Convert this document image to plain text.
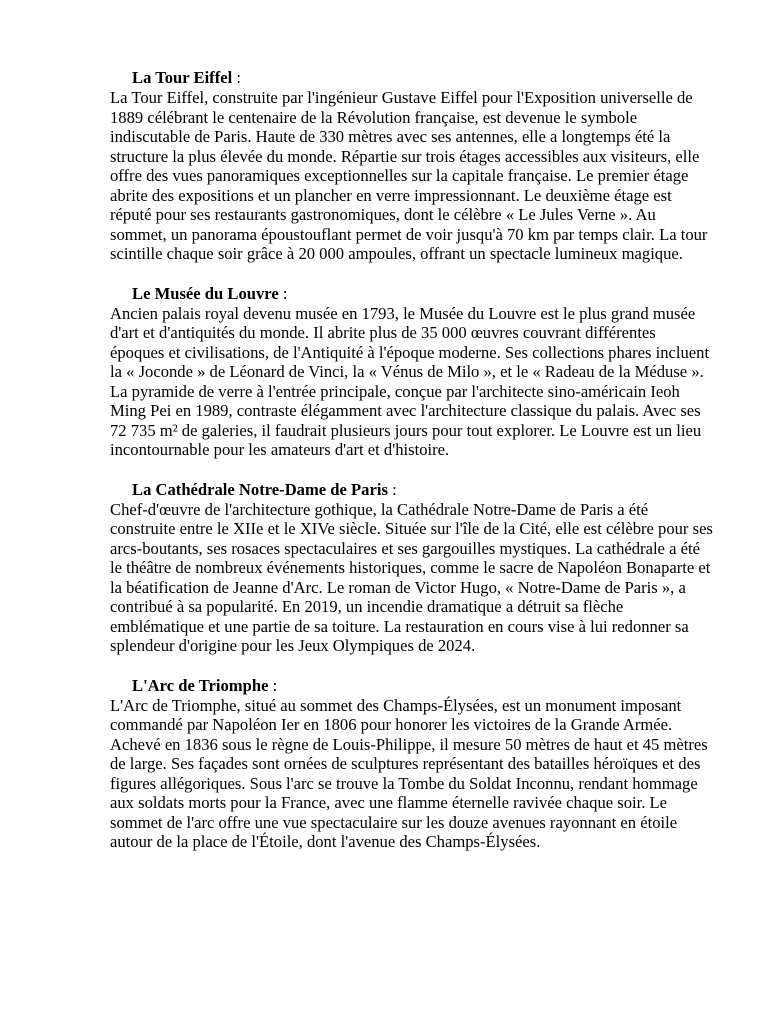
La Tour Eiffel :

La Tour Eiffel, construite par l'ingénieur Gustave Eiffel pour l'Exposition universelle de 1889 célébrant le centenaire de la Révolution française, est devenue le symbole indiscutable de Paris. Haute de 330 mètres avec ses antennes, elle a longtemps été la structure la plus élevée du monde. Répartie sur trois étages accessibles aux visiteurs, elle offre des vues panoramiques exceptionnelles sur la capitale française. Le premier étage abrite des expositions et un plancher en verre impressionnant. Le deuxième étage est réputé pour ses restaurants gastronomiques, dont le célèbre « Le Jules Verne ». Au sommet, un panorama époustouflant permet de voir jusqu'à 70 km par temps clair. La tour scintille chaque soir grâce à 20 000 ampoules, offrant un spectacle lumineux magique.

Le Musée du Louvre :

Ancien palais royal devenu musée en 1793, le Musée du Louvre est le plus grand musée d'art et d'antiquités du monde. Il abrite plus de 35 000 œuvres couvrant différentes époques et civilisations, de l'Antiquité à l'époque moderne. Ses collections phares incluent la « Joconde » de Léonard de Vinci, la « Vénus de Milo », et le « Radeau de la Méduse ». La pyramide de verre à l'entrée principale, conçue par l'architecte sino-américain Ieoh Ming Pei en 1989, contraste élégamment avec l'architecture classique du palais. Avec ses 72 735 m² de galeries, il faudrait plusieurs jours pour tout explorer. Le Louvre est un lieu incontournable pour les amateurs d'art et d'histoire.

La Cathédrale Notre-Dame de Paris :

Chef-d'œuvre de l'architecture gothique, la Cathédrale Notre-Dame de Paris a été construite entre le XIIe et le XIVe siècle. Située sur l'île de la Cité, elle est célèbre pour ses arcs-boutants, ses rosaces spectaculaires et ses gargouilles mystiques. La cathédrale a été le théâtre de nombreux événements historiques, comme le sacre de Napoléon Bonaparte et la béatification de Jeanne d'Arc. Le roman de Victor Hugo, « Notre-Dame de Paris », a contribué à sa popularité. En 2019, un incendie dramatique a détruit sa flèche emblématique et une partie de sa toiture. La restauration en cours vise à lui redonner sa splendeur d'origine pour les Jeux Olympiques de 2024.

L'Arc de Triomphe :

L'Arc de Triomphe, situé au sommet des Champs-Élysées, est un monument imposant commandé par Napoléon Ier en 1806 pour honorer les victoires de la Grande Armée. Achevé en 1836 sous le règne de Louis-Philippe, il mesure 50 mètres de haut et 45 mètres de large. Ses façades sont ornées de sculptures représentant des batailles héroïques et des figures allégoriques. Sous l'arc se trouve la Tombe du Soldat Inconnu, rendant hommage aux soldats morts pour la France, avec une flamme éternelle ravivée chaque soir. Le sommet de l'arc offre une vue spectaculaire sur les douze avenues rayonnant en étoile autour de la place de l'Étoile, dont l'avenue des Champs-Élysées.
